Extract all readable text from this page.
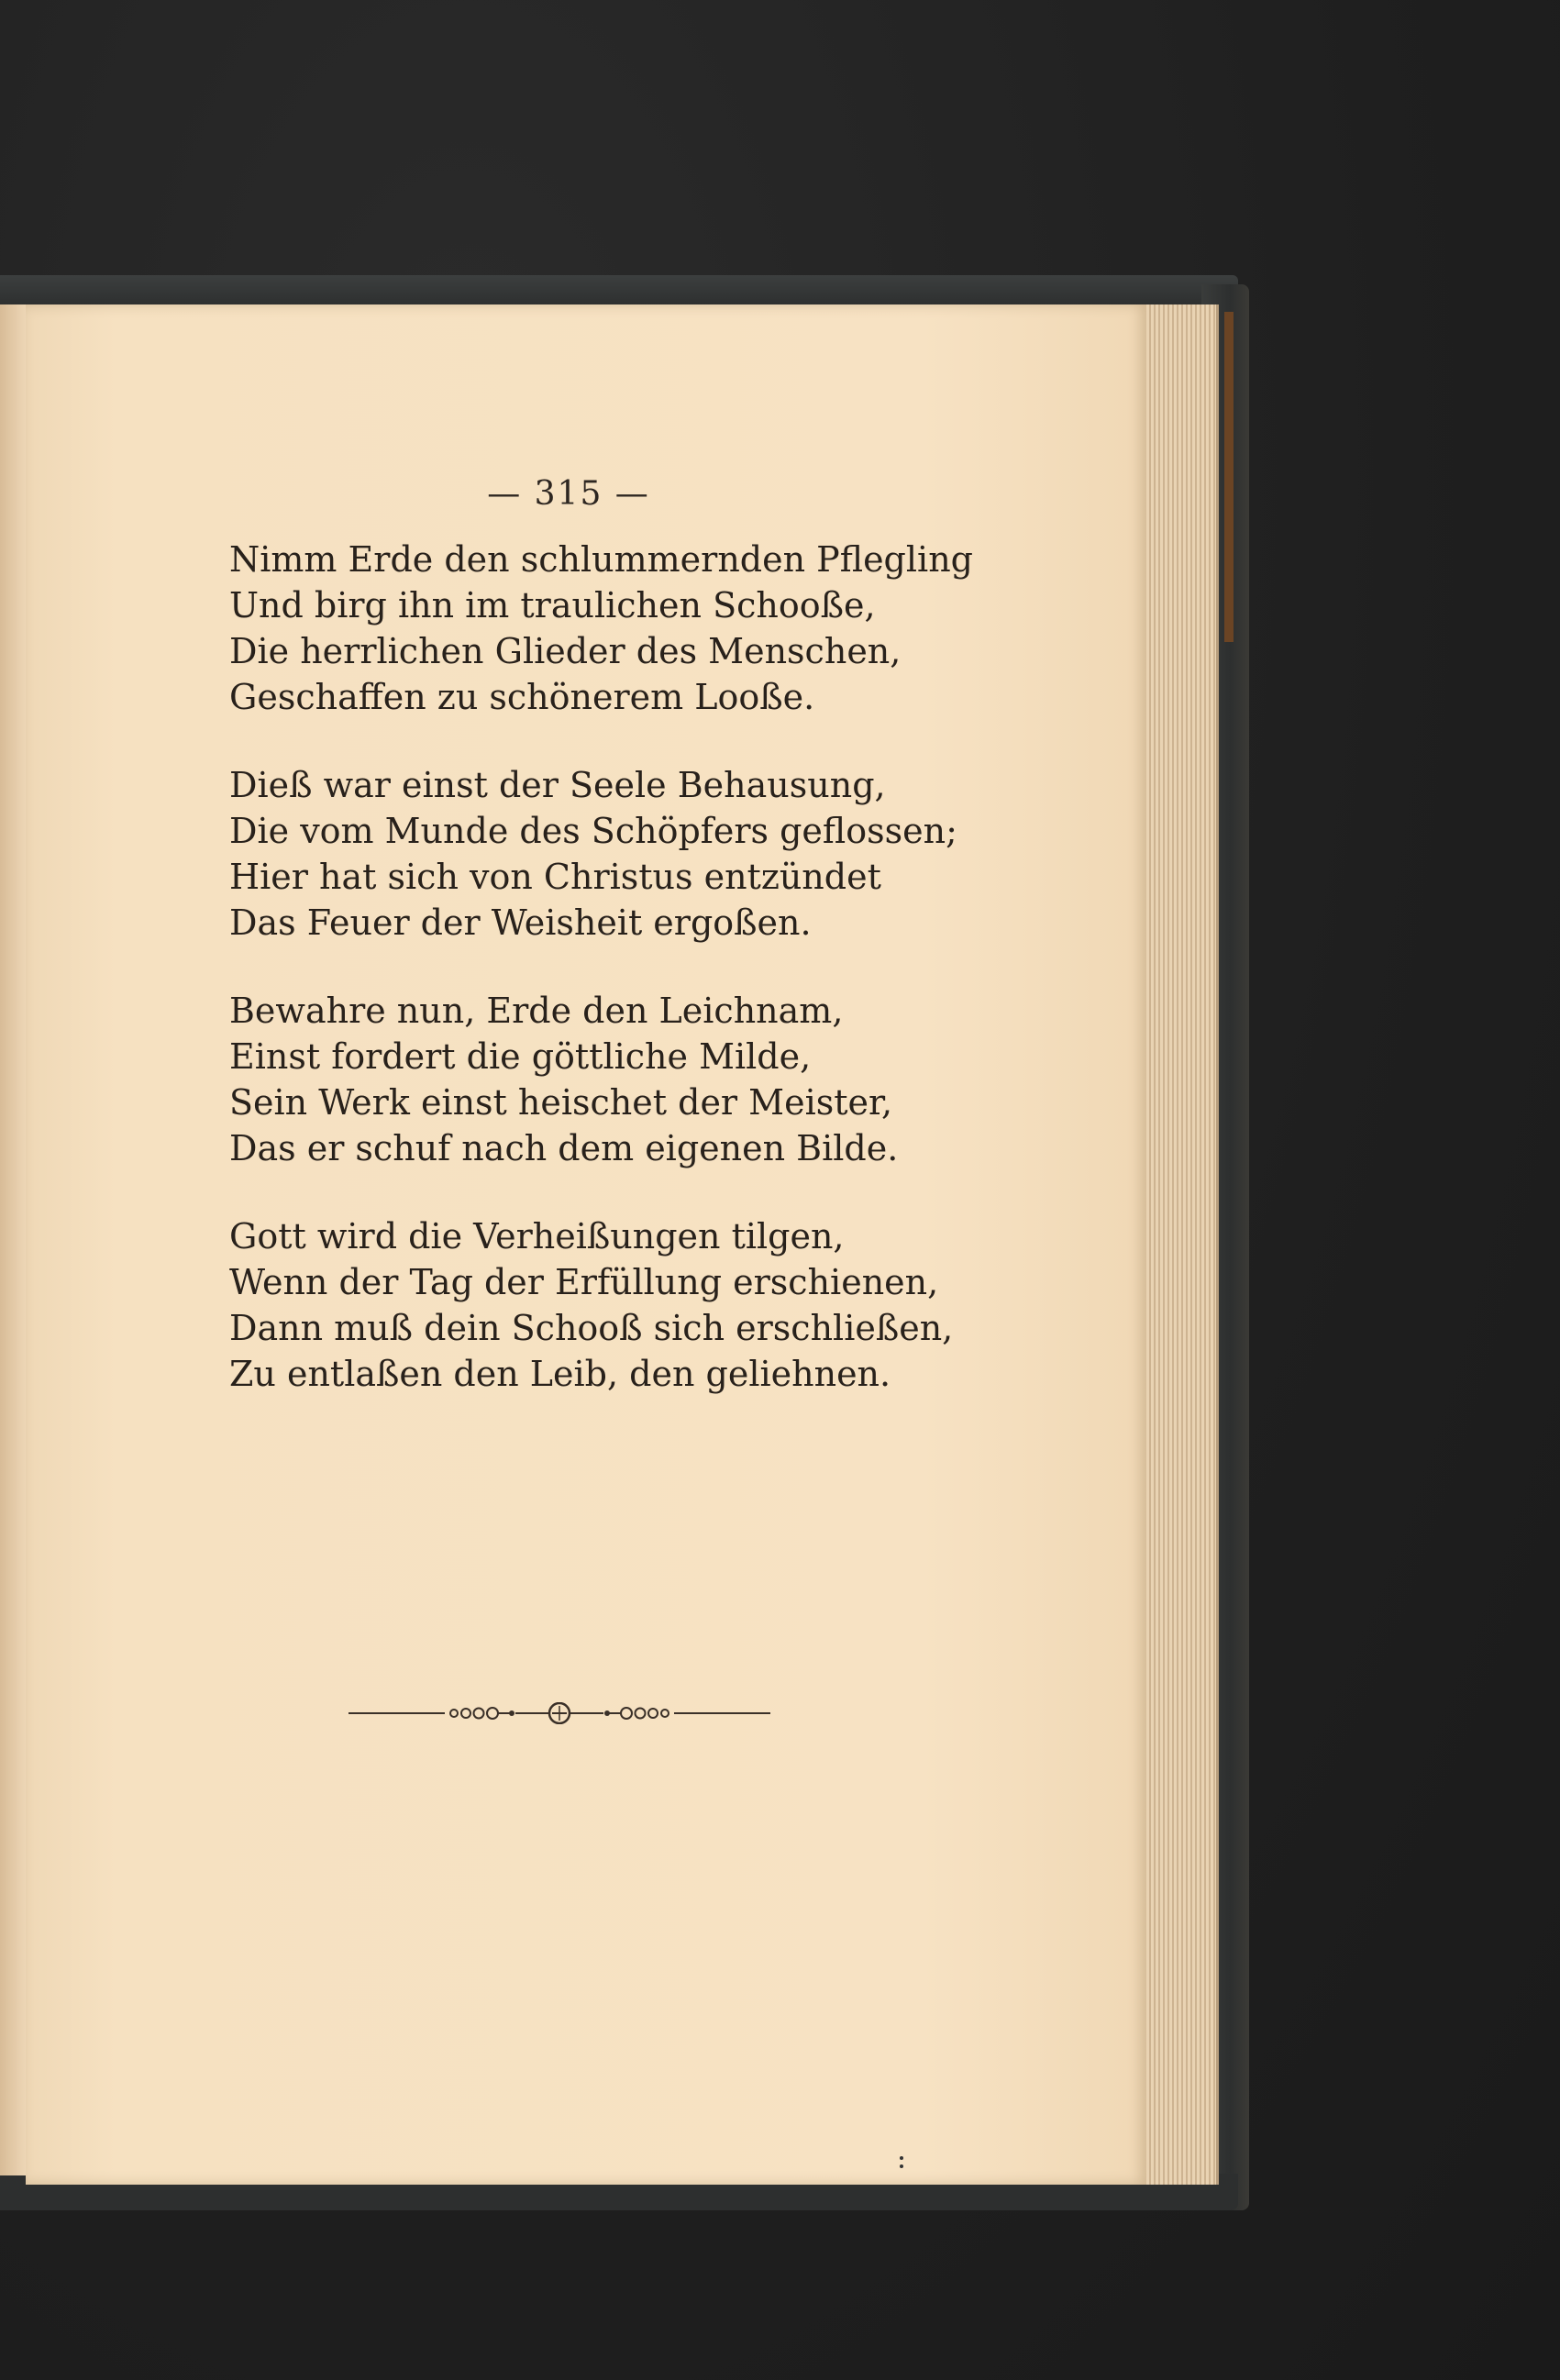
— 315 —
Nimm Erde den schlummernden Pflegling
Und birg ihn im traulichen Schooße,
Die herrlichen Glieder des Menschen,
Geschaffen zu schönerem Looße.
Dieß war einst der Seele Behausung,
Die vom Munde des Schöpfers geflossen;
Hier hat sich von Christus entzündet
Das Feuer der Weisheit ergoßen.
Bewahre nun, Erde den Leichnam,
Einst fordert die göttliche Milde,
Sein Werk einst heischet der Meister,
Das er schuf nach dem eigenen Bilde.
Gott wird die Verheißungen tilgen,
Wenn der Tag der Erfüllung erschienen,
Dann muß dein Schooß sich erschließen,
Zu entlaßen den Leib, den geliehnen.
